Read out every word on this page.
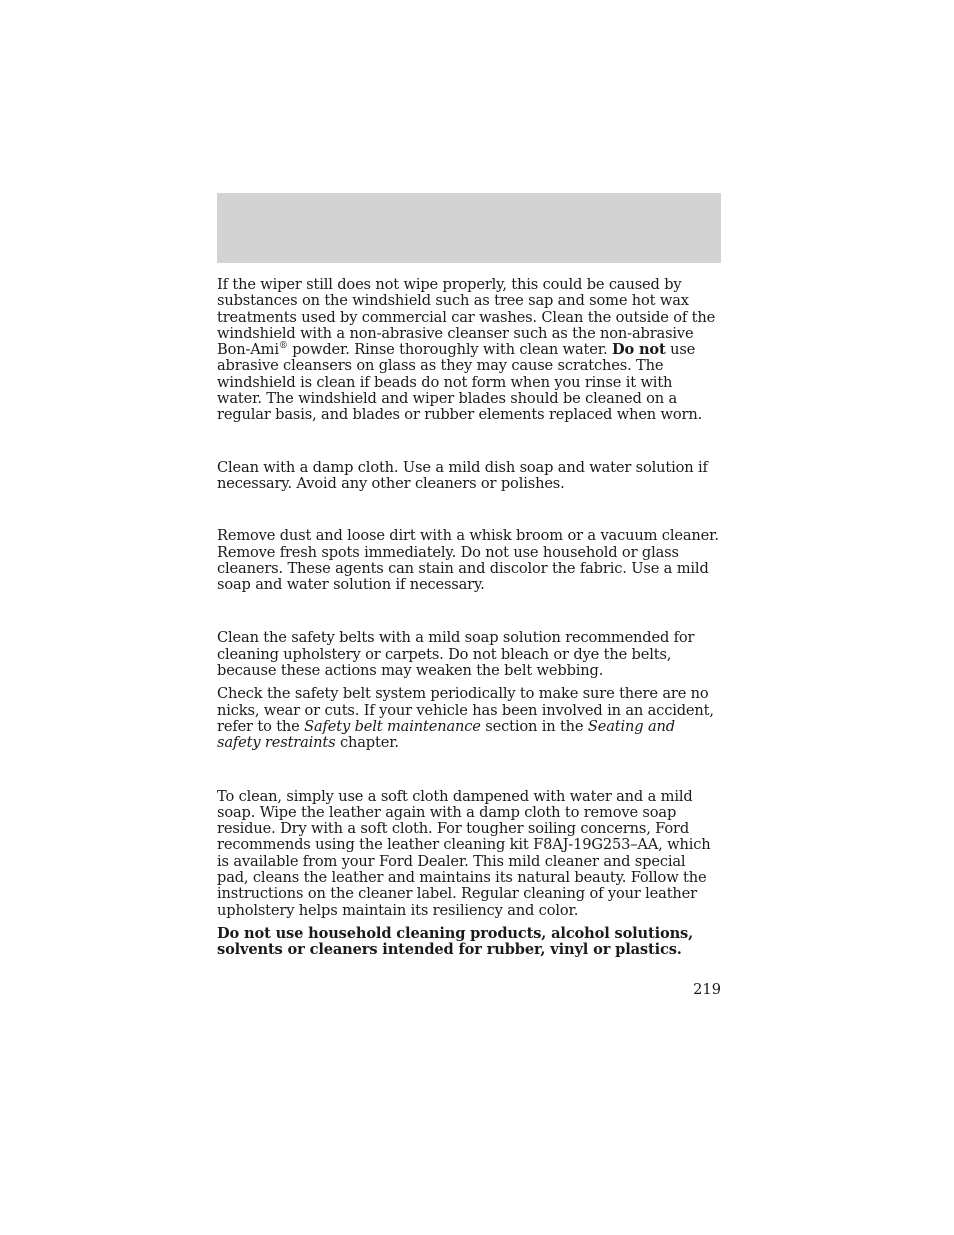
If the wiper still does not wipe properly, this could be caused by substances on the windshield such as tree sap and some hot wax treatments used by commercial car washes. Clean the outside of the windshield with a non-abrasive cleanser such as the non-abrasive Bon-Ami® powder. Rinse thoroughly with clean water. Do not use abrasive cleansers on glass as they may cause scratches. The windshield is clean if beads do not form when you rinse it with water. The windshield and wiper blades should be cleaned on a regular basis, and blades or rubber elements replaced when worn.

Clean with a damp cloth. Use a mild dish soap and water solution if necessary. Avoid any other cleaners or polishes.

Remove dust and loose dirt with a whisk broom or a vacuum cleaner. Remove fresh spots immediately. Do not use household or glass cleaners. These agents can stain and discolor the fabric. Use a mild soap and water solution if necessary.

Clean the safety belts with a mild soap solution recommended for cleaning upholstery or carpets. Do not bleach or dye the belts, because these actions may weaken the belt webbing.

Check the safety belt system periodically to make sure there are no nicks, wear or cuts. If your vehicle has been involved in an accident, refer to the Safety belt maintenance section in the Seating and safety restraints chapter.

To clean, simply use a soft cloth dampened with water and a mild soap. Wipe the leather again with a damp cloth to remove soap residue. Dry with a soft cloth. For tougher soiling concerns, Ford recommends using the leather cleaning kit F8AJ-19G253–AA, which is available from your Ford Dealer. This mild cleaner and special pad, cleans the leather and maintains its natural beauty. Follow the instructions on the cleaner label. Regular cleaning of your leather upholstery helps maintain its resiliency and color.

Do not use household cleaning products, alcohol solutions, solvents or cleaners intended for rubber, vinyl or plastics.

219
